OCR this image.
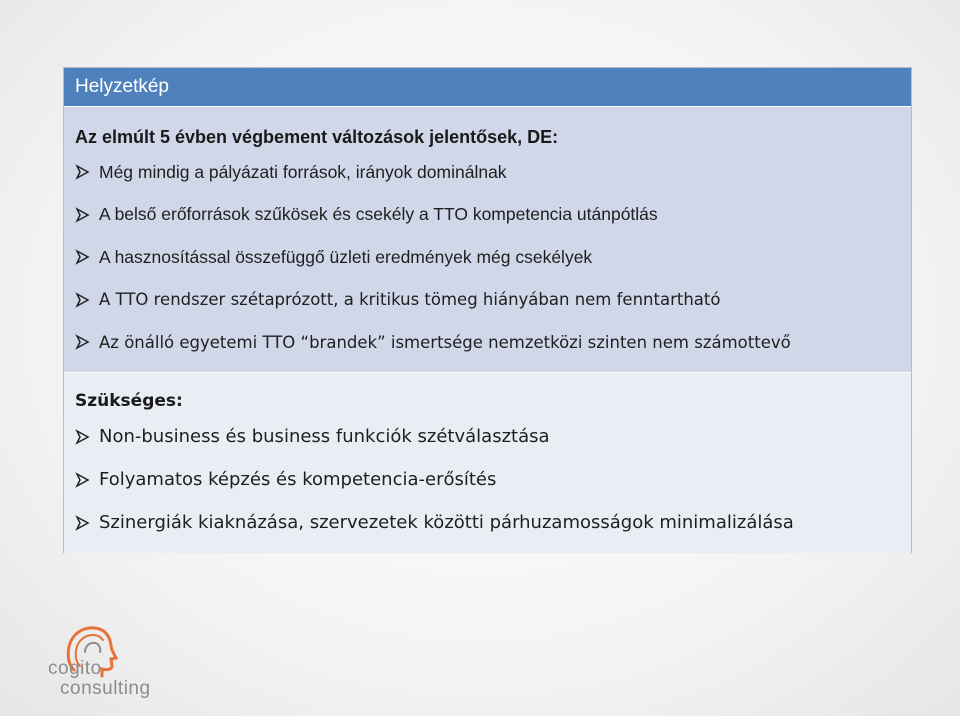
Helyzetkép
Az elmúlt 5 évben végbement változások jelentősek, DE:
Még mindig a pályázati források, irányok dominálnak
A belső erőforrások szűkösek és csekély a TTO kompetencia utánpótlás
A hasznosítással összefüggő üzleti eredmények még csekélyek
A TTO rendszer szétaprózott, a kritikus tömeg hiányában nem fenntartható
Az önálló egyetemi TTO “brandek” ismertsége nemzetközi szinten nem számottevő
Szükséges:
Non-business és business funkciók szétválasztása
Folyamatos képzés és kompetencia-erősítés
Szinergiák kiaknázása, szervezetek közötti párhuzamosságok minimalizálása
cogito
consulting
